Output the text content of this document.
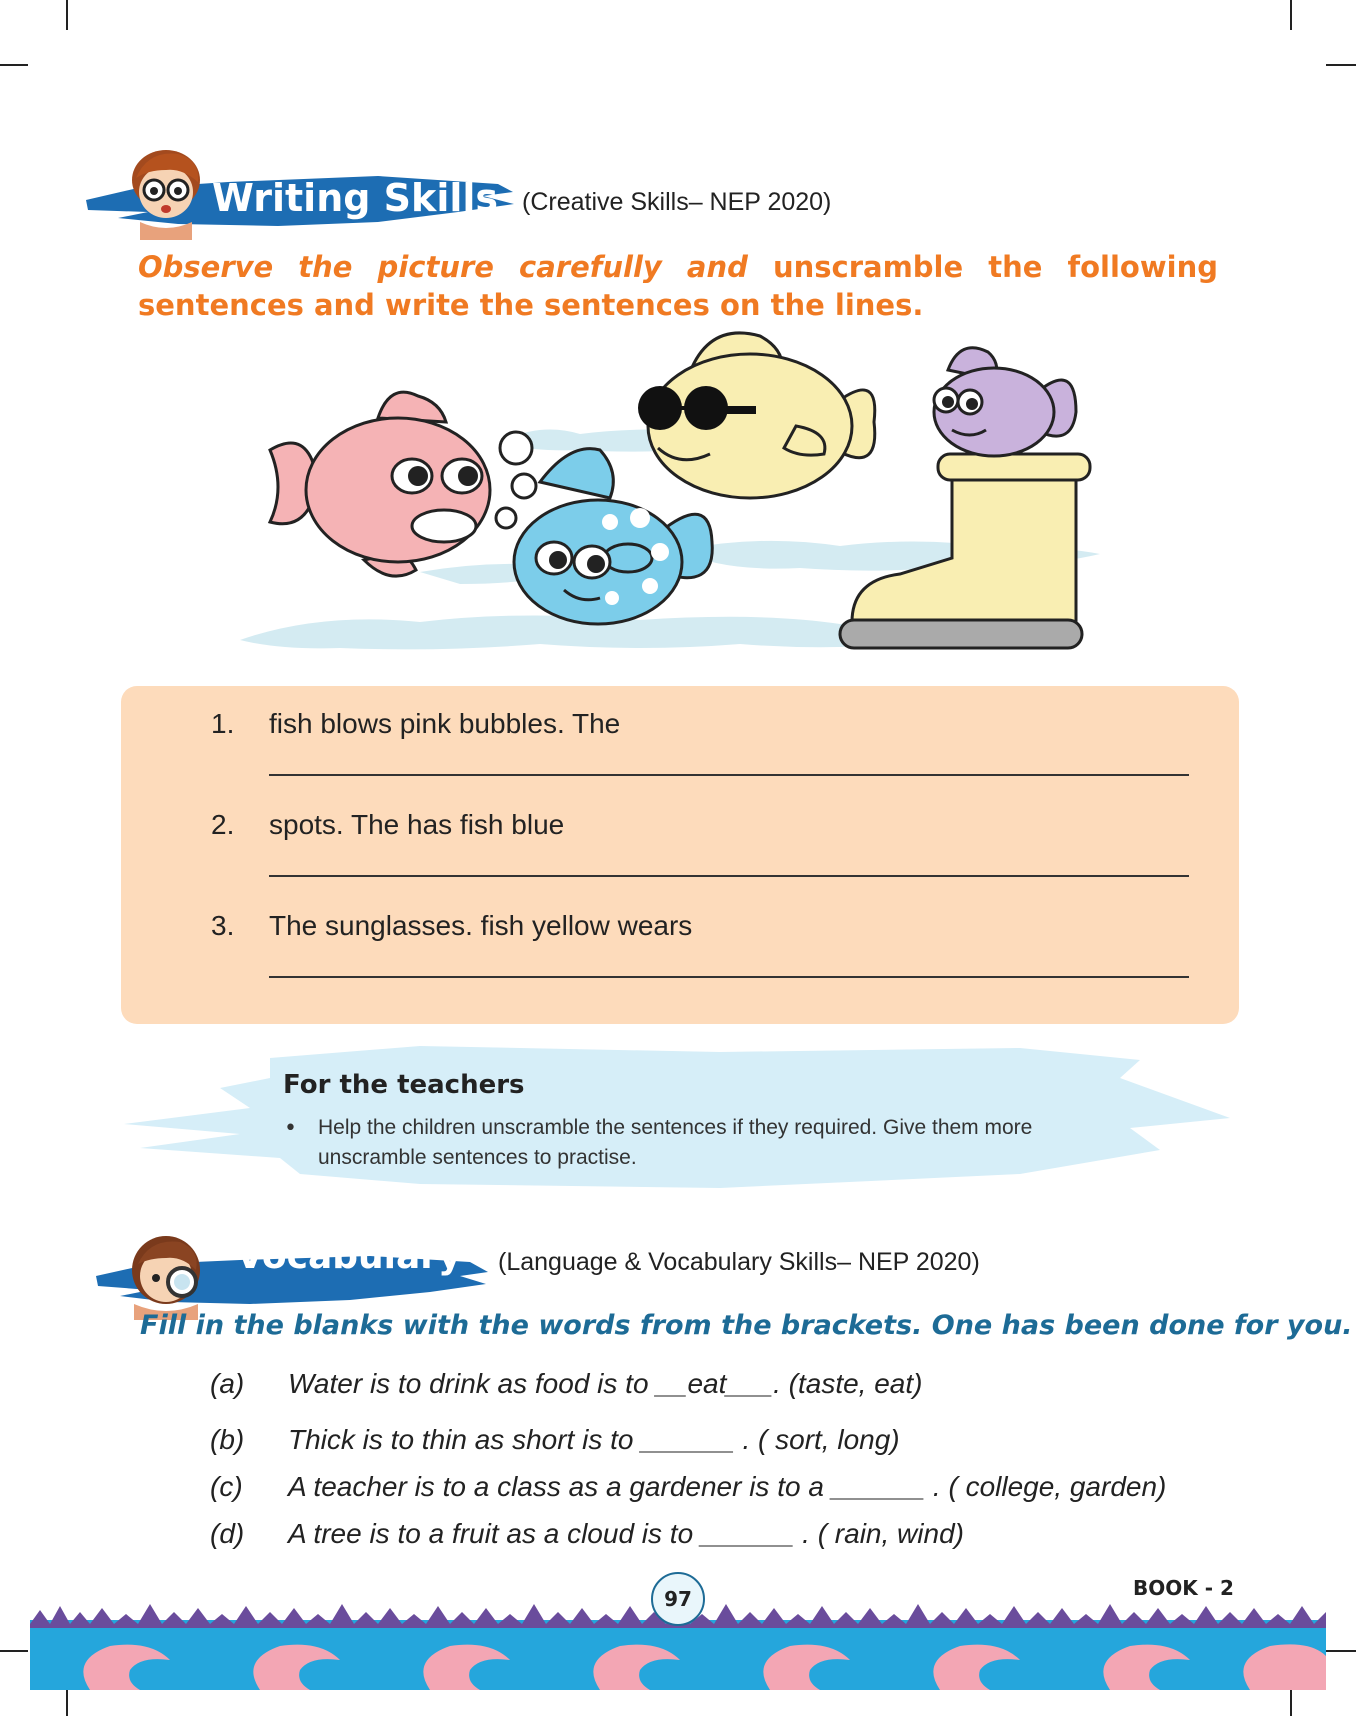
Writing Skills (Creative Skills– NEP 2020)
Observe the picture carefully and unscramble the following sentences and write the sentences on the lines.
1. fish blows pink bubbles. The
2. spots. The has fish blue
3. The sunglasses. fish yellow wears
For the teachers
• Help the children unscramble the sentences if they required. Give them more unscramble sentences to practise.
Vocabulary (Language & Vocabulary Skills– NEP 2020)
Fill in the blanks with the words from the brackets. One has been done for you.
(a) Water is to drink as food is to __eat___. (taste, eat)
(b) Thick is to thin as short is to ______ . ( sort, long)
(c) A teacher is to a class as a gardener is to a ______ . ( college, garden)
(d) A tree is to a fruit as a cloud is to ______ . ( rain, wind)
97	BOOK - 2
